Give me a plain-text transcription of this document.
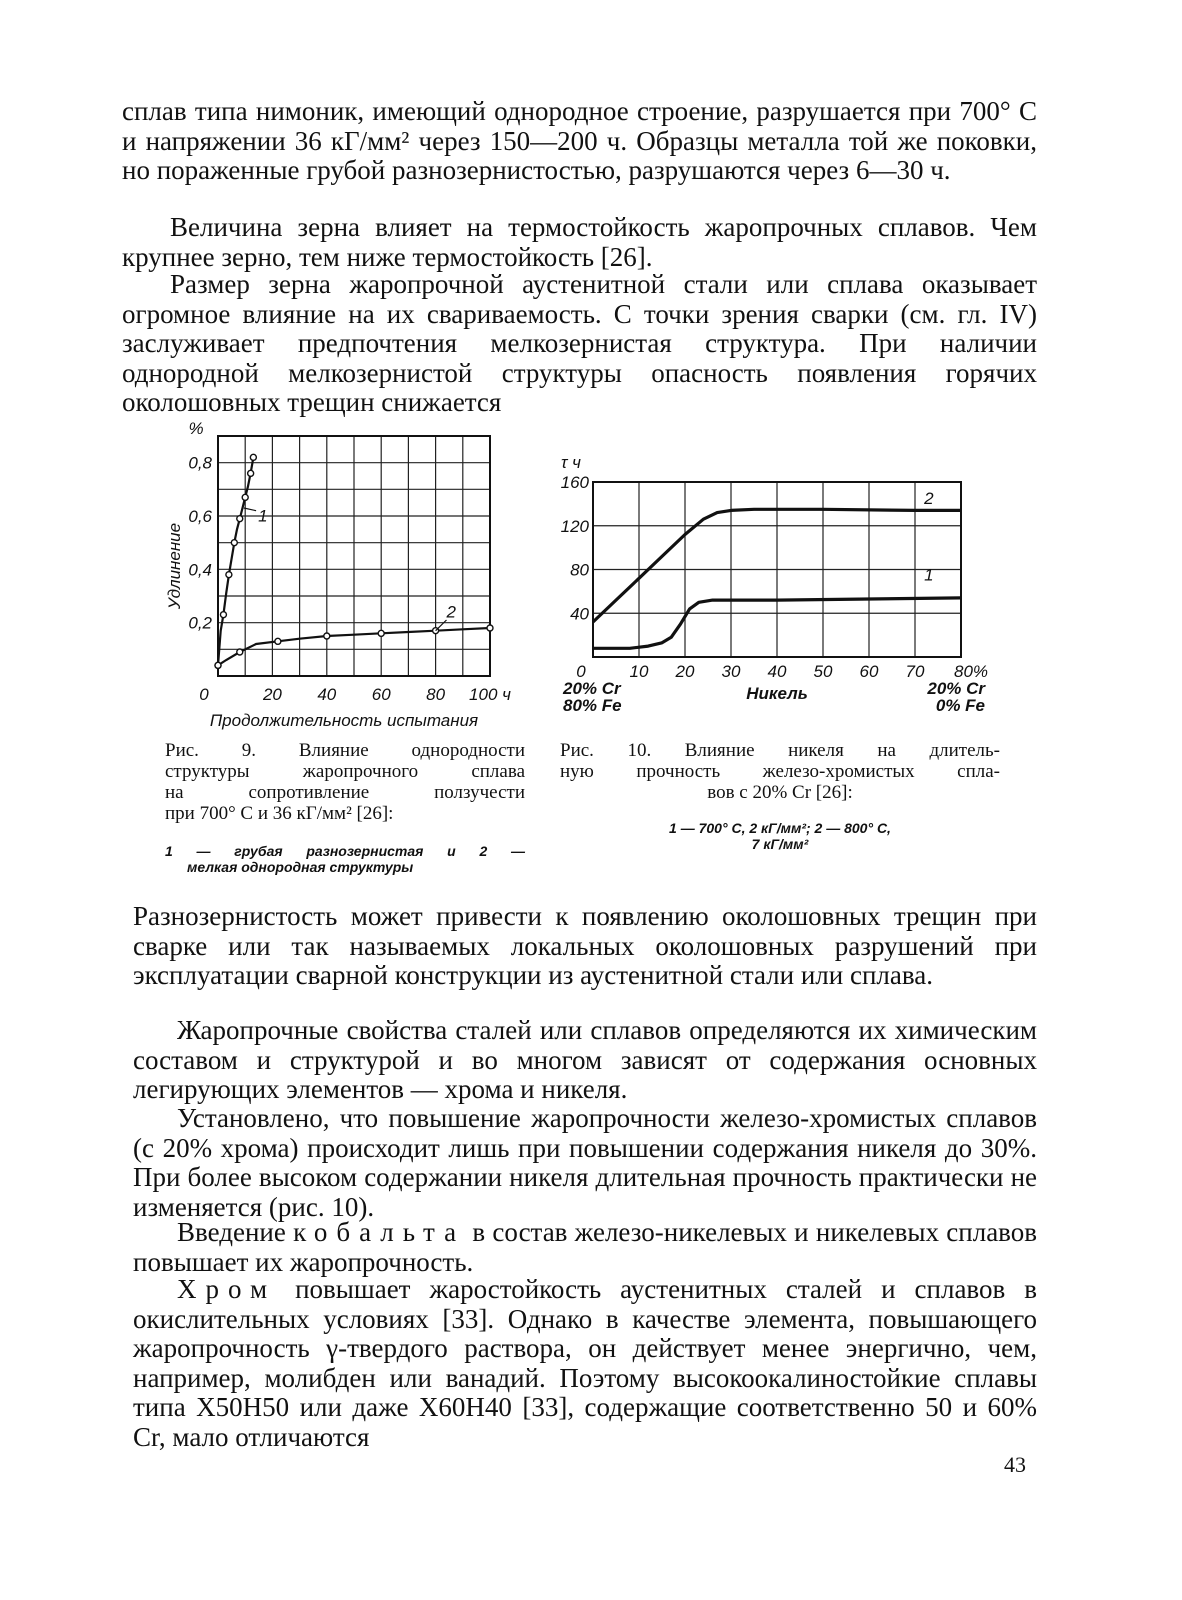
сплав типа нимоник, имеющий однородное строение, разрушается при 700° С и напряжении 36 кГ/мм² через 150—200 ч. Образцы металла той же поковки, но пораженные грубой разнозернистостью, разрушаются через 6—30 ч.

Величина зерна влияет на термостойкость жаропрочных сплавов. Чем крупнее зерно, тем ниже термостойкость [26].

Размер зерна жаропрочной аустенитной стали или сплава оказывает огромное влияние на их свариваемость. С точки зрения сварки (см. гл. IV) заслуживает предпочтения мелкозернистая структура. При наличии однородной мелкозернистой структуры опасность появления горячих околошовных трещин снижается

0,2
0,4
0,6
0,8
%
0	20 40 60 80 100 ч
Продолжительность испытания
Удлинение
1
2
Рис. 9. Влияние однородности
структуры жаропрочного сплава
на сопротивление ползучести
при 700° С и 36 кГ/мм² [26]:
1 — грубая разнозернистая и 2 —
мелкая однородная структуры
40
80
120
160
τ ч
0	10 20 30 40 50 60 70 80%
Никель
20% Cr
80% Fe
20% Cr
0% Fe
1
2
Рис. 10. Влияние никеля на длитель-
ную прочность железо-хромистых спла-
вов с 20% Cr [26]:
1 — 700° С, 2 кГ/мм²; 2 — 800° С,
7 кГ/мм²

Разнозернистость может привести к появлению околошовных трещин при сварке или так называемых локальных околошовных разрушений при эксплуатации сварной конструкции из аустенитной стали или сплава.

Жаропрочные свойства сталей или сплавов определяются их химическим составом и структурой и во многом зависят от содержания основных легирующих элементов — хрома и никеля.

Установлено, что повышение жаропрочности железо-хромистых сплавов (с 20% хрома) происходит лишь при повышении содержания никеля до 30%. При более высоком содержании никеля длительная прочность практически не изменяется (рис. 10).

Введение кобальта в состав железо-никелевых и никелевых сплавов повышает их жаропрочность.

Хром повышает жаростойкость аустенитных сталей и сплавов в окислительных условиях [33]. Однако в качестве элемента, повышающего жаропрочность γ-твердого раствора, он действует менее энергично, чем, например, молибден или ванадий. Поэтому высокоокалиностойкие сплавы типа Х50Н50 или даже Х60Н40 [33], содержащие соответственно 50 и 60% Cr, мало отличаются

43
